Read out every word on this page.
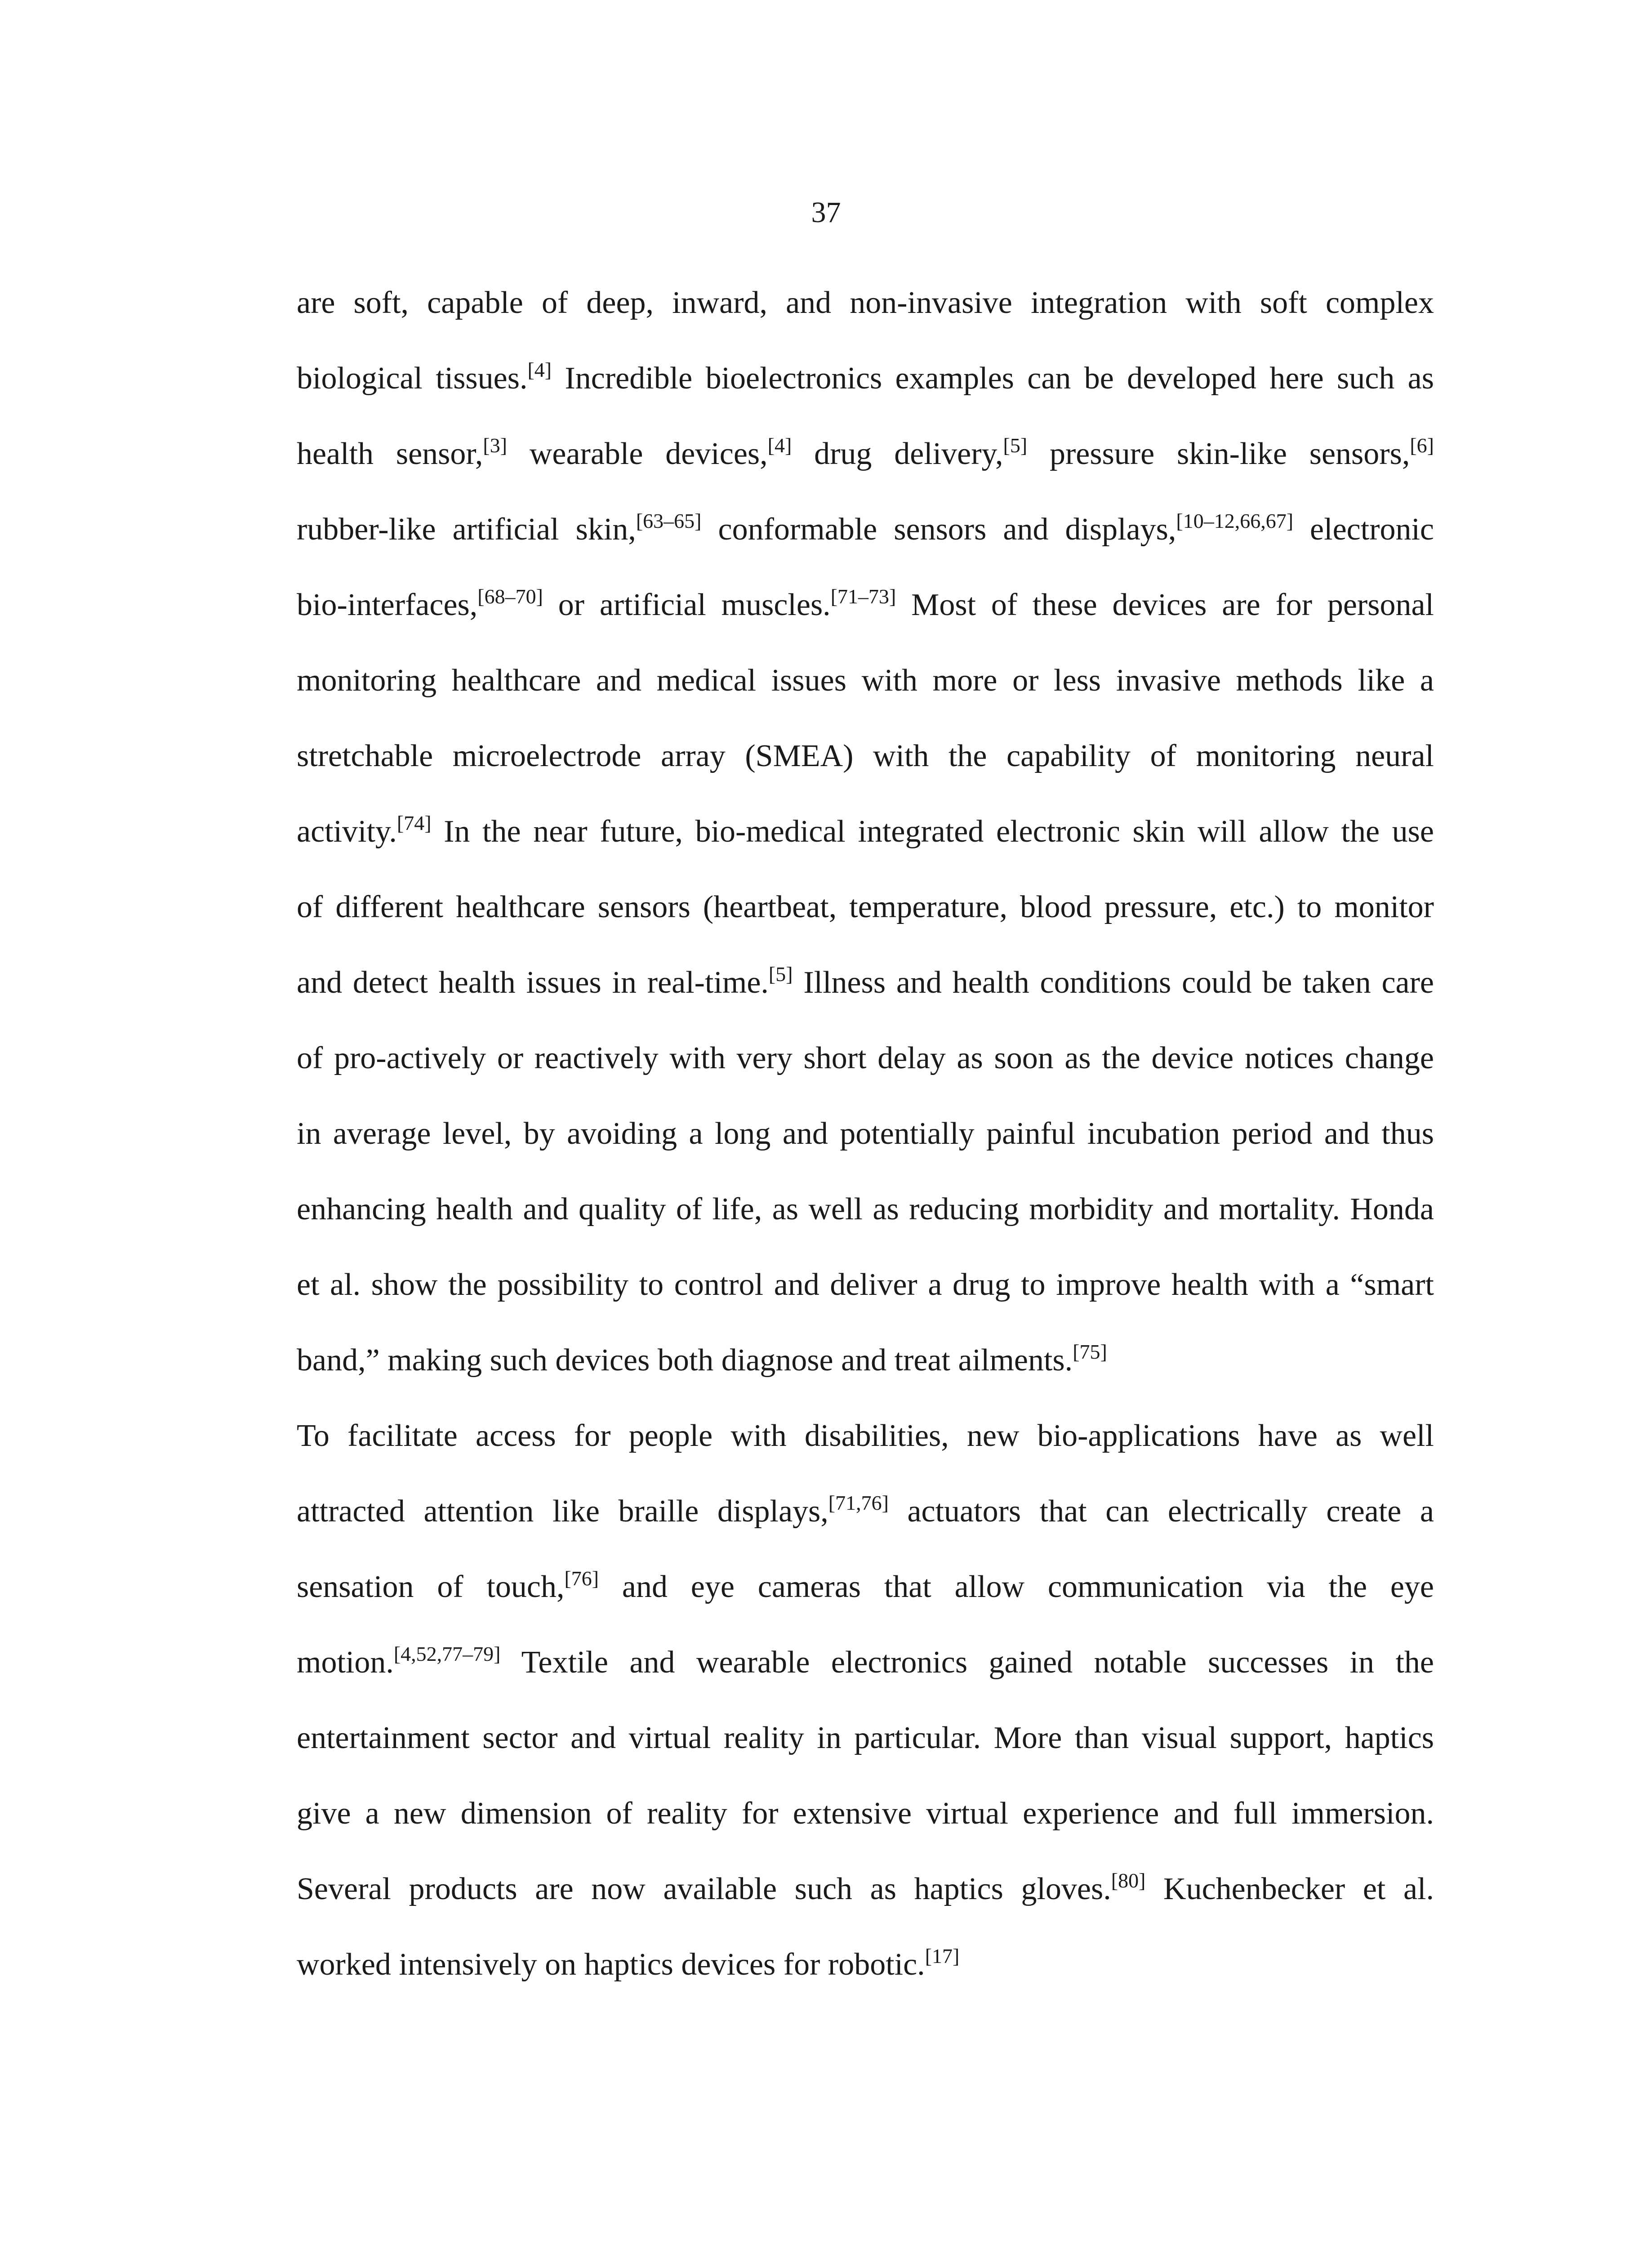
37
are soft, capable of deep, inward, and non-invasive integration with soft complex
biological tissues.[4] Incredible bioelectronics examples can be developed here such as
health sensor,[3] wearable devices,[4] drug delivery,[5] pressure skin-like sensors,[6]
rubber-like artificial skin,[63–65] conformable sensors and displays,[10–12,66,67] electronic
bio-interfaces,[68–70] or artificial muscles.[71–73] Most of these devices are for personal
monitoring healthcare and medical issues with more or less invasive methods like a
stretchable microelectrode array (SMEA) with the capability of monitoring neural
activity.[74] In the near future, bio-medical integrated electronic skin will allow the use
of different healthcare sensors (heartbeat, temperature, blood pressure, etc.) to monitor
and detect health issues in real-time.[5] Illness and health conditions could be taken care
of pro-actively or reactively with very short delay as soon as the device notices change
in average level, by avoiding a long and potentially painful incubation period and thus
enhancing health and quality of life, as well as reducing morbidity and mortality. Honda
et al. show the possibility to control and deliver a drug to improve health with a “smart
band,” making such devices both diagnose and treat ailments.[75]
To facilitate access for people with disabilities, new bio-applications have as well
attracted attention like braille displays,[71,76] actuators that can electrically create a
sensation of touch,[76] and eye cameras that allow communication via the eye
motion.[4,52,77–79] Textile and wearable electronics gained notable successes in the
entertainment sector and virtual reality in particular. More than visual support, haptics
give a new dimension of reality for extensive virtual experience and full immersion.
Several products are now available such as haptics gloves.[80] Kuchenbecker et al.
worked intensively on haptics devices for robotic.[17]
